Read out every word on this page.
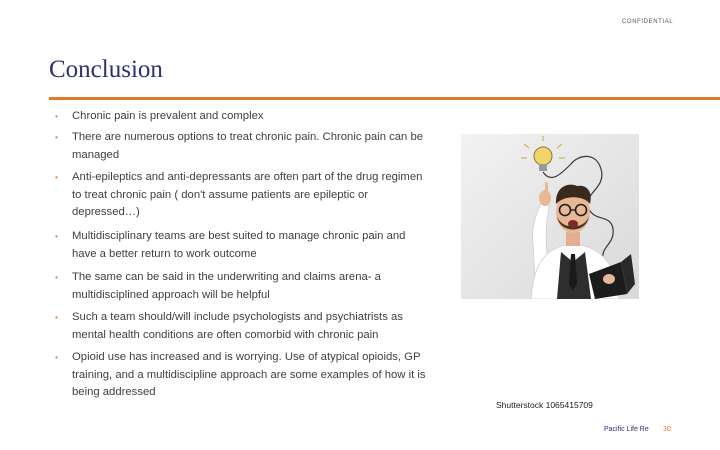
CONFIDENTIAL
Conclusion
• Chronic pain is prevalent and complex
• There are numerous options to treat chronic pain. Chronic pain can be managed
• Anti-epileptics and anti-depressants are often part of the drug regimen to treat chronic pain ( don't assume patients are epileptic or depressed…)
• Multidisciplinary teams are best suited to manage chronic pain and have a better return to work outcome
• The same can be said in the underwriting and claims arena- a multidisciplined approach will be helpful
• Such a team should/will include psychologists and psychiatrists as mental health conditions are often comorbid with chronic pain
• Opioid use has increased and is worrying. Use of atypical opioids, GP training, and a multidiscipline approach are some examples of how it is being addressed
Shutterstock 1065415709
Pacific Life Re 30
